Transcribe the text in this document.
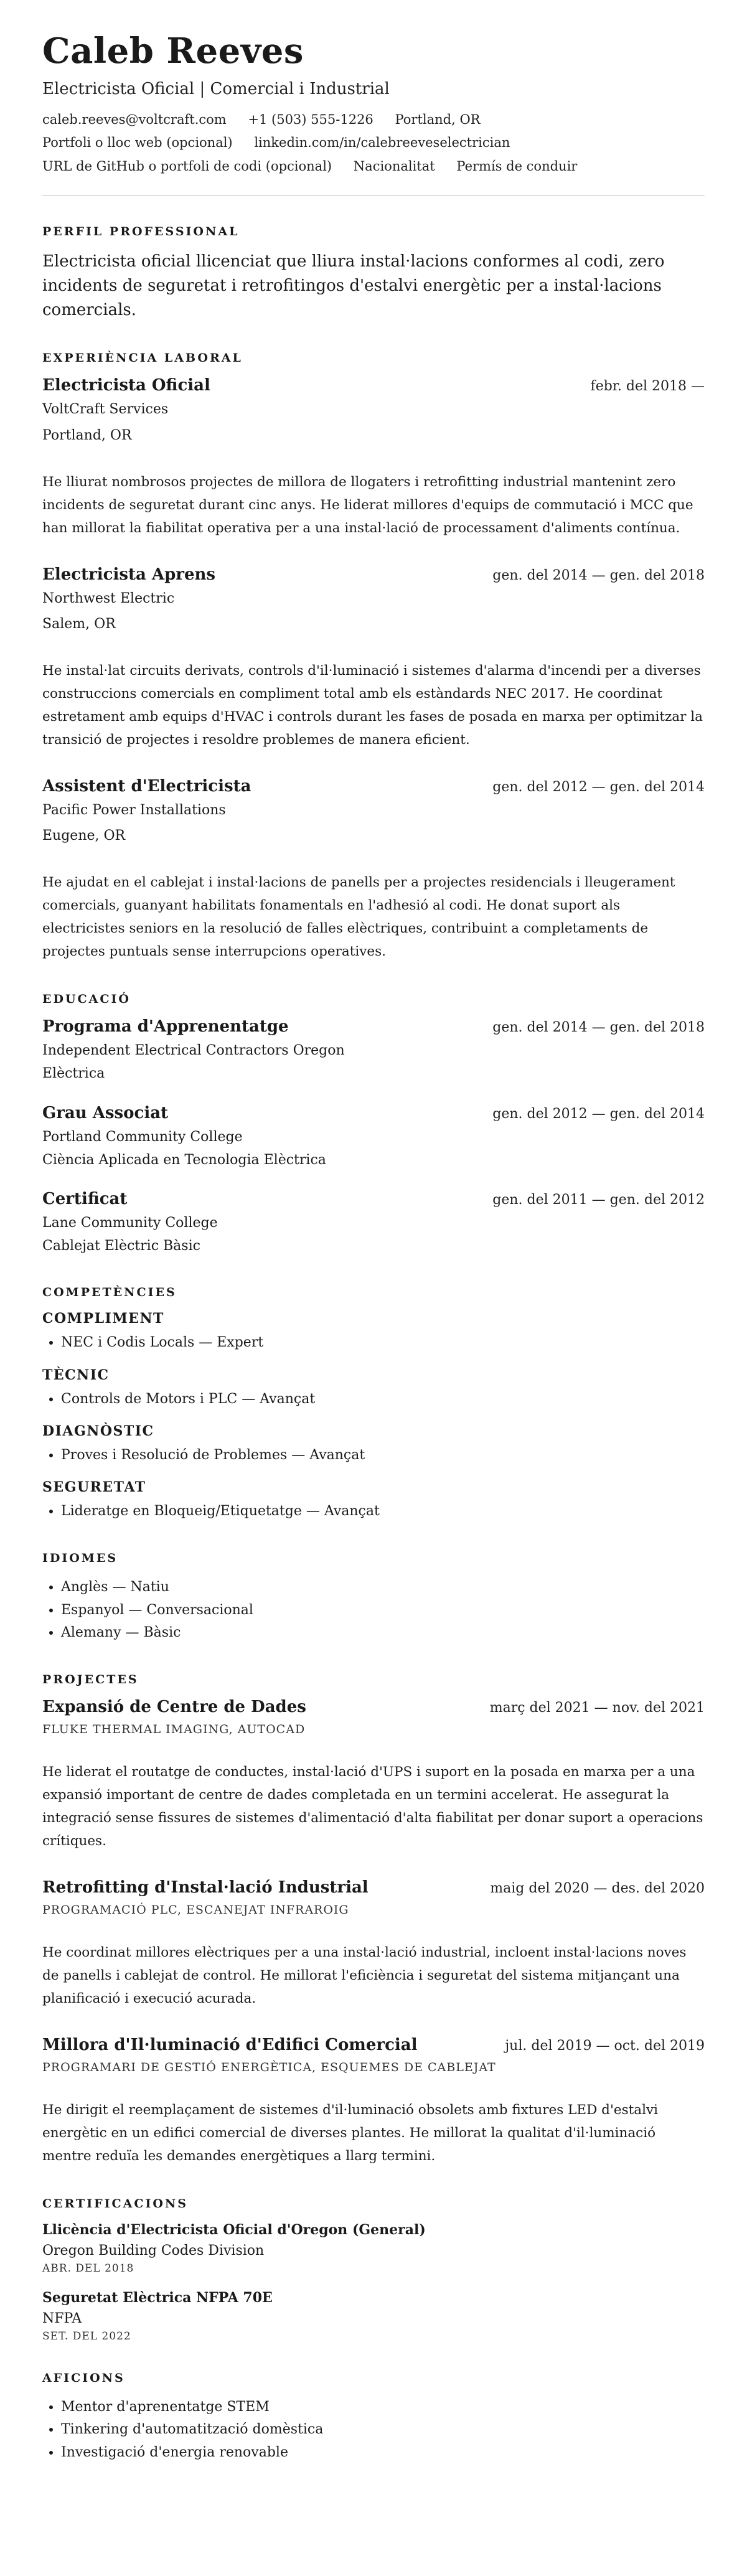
Caleb Reeves
Electricista Oficial | Comercial i Industrial
caleb.reeves@voltcraft.com +1 (503) 555-1226 Portland, OR
Portfoli o lloc web (opcional) linkedin.com/in/calebreeveselectrician
URL de GitHub o portfoli de codi (opcional) Nacionalitat Permís de conduir
PERFIL PROFESSIONAL

Electricista oficial llicenciat que lliura instal·lacions conformes al codi, zero incidents de seguretat i retrofitingos d'estalvi energètic per a instal·lacions comercials.

EXPERIÈNCIA LABORAL
Electricista Oficial	febr. del 2018 —
VoltCraft Services
Portland, OR

He lliurat nombrosos projectes de millora de llogaters i retrofitting industrial mantenint zero incidents de seguretat durant cinc anys. He liderat millores d'equips de commutació i MCC que han millorat la fiabilitat operativa per a una instal·lació de processament d'aliments contínua.

Electricista Aprens	gen. del 2014 — gen. del 2018
Northwest Electric
Salem, OR

He instal·lat circuits derivats, controls d'il·luminació i sistemes d'alarma d'incendi per a diverses construccions comercials en compliment total amb els estàndards NEC 2017. He coordinat estretament amb equips d'HVAC i controls durant les fases de posada en marxa per optimitzar la transició de projectes i resoldre problemes de manera eficient.

Assistent d'Electricista	gen. del 2012 — gen. del 2014
Pacific Power Installations
Eugene, OR

He ajudat en el cablejat i instal·lacions de panells per a projectes residencials i lleugerament comercials, guanyant habilitats fonamentals en l'adhesió al codi. He donat suport als electricistes seniors en la resolució de falles elèctriques, contribuint a completaments de projectes puntuals sense interrupcions operatives.

EDUCACIÓ
Programa d'Apprenentatge	gen. del 2014 — gen. del 2018
Independent Electrical Contractors Oregon
Elèctrica
Grau Associat	gen. del 2012 — gen. del 2014
Portland Community College
Ciència Aplicada en Tecnologia Elèctrica
Certificat	gen. del 2011 — gen. del 2012
Lane Community College
Cablejat Elèctric Bàsic
COMPETÈNCIES
COMPLIMENT
• NEC i Codis Locals — Expert
TÈCNIC
• Controls de Motors i PLC — Avançat
DIAGNÒSTIC
• Proves i Resolució de Problemes — Avançat
SEGURETAT
• Lideratge en Bloqueig/Etiquetatge — Avançat
IDIOMES
• Anglès — Natiu
• Espanyol — Conversacional
• Alemany — Bàsic
PROJECTES
Expansió de Centre de Dades	març del 2021 — nov. del 2021
FLUKE THERMAL IMAGING, AUTOCAD

He liderat el routatge de conductes, instal·lació d'UPS i suport en la posada en marxa per a una expansió important de centre de dades completada en un termini accelerat. He assegurat la integració sense fissures de sistemes d'alimentació d'alta fiabilitat per donar suport a operacions crítiques.

Retrofitting d'Instal·lació Industrial	maig del 2020 — des. del 2020
PROGRAMACIÓ PLC, ESCANEJAT INFRAROIG

He coordinat millores elèctriques per a una instal·lació industrial, incloent instal·lacions noves de panells i cablejat de control. He millorat l'eficiència i seguretat del sistema mitjançant una planificació i execució acurada.

Millora d'Il·luminació d'Edifici Comercial	jul. del 2019 — oct. del 2019
PROGRAMARI DE GESTIÓ ENERGÈTICA, ESQUEMES DE CABLEJAT

He dirigit el reemplaçament de sistemes d'il·luminació obsolets amb fixtures LED d'estalvi energètic en un edifici comercial de diverses plantes. He millorat la qualitat d'il·luminació mentre reduïa les demandes energètiques a llarg termini.

CERTIFICACIONS
Llicència d'Electricista Oficial d'Oregon (General)
Oregon Building Codes Division
ABR. DEL 2018
Seguretat Elèctrica NFPA 70E
NFPA
SET. DEL 2022
AFICIONS
• Mentor d'aprenentatge STEM
• Tinkering d'automatització domèstica
• Investigació d'energia renovable
